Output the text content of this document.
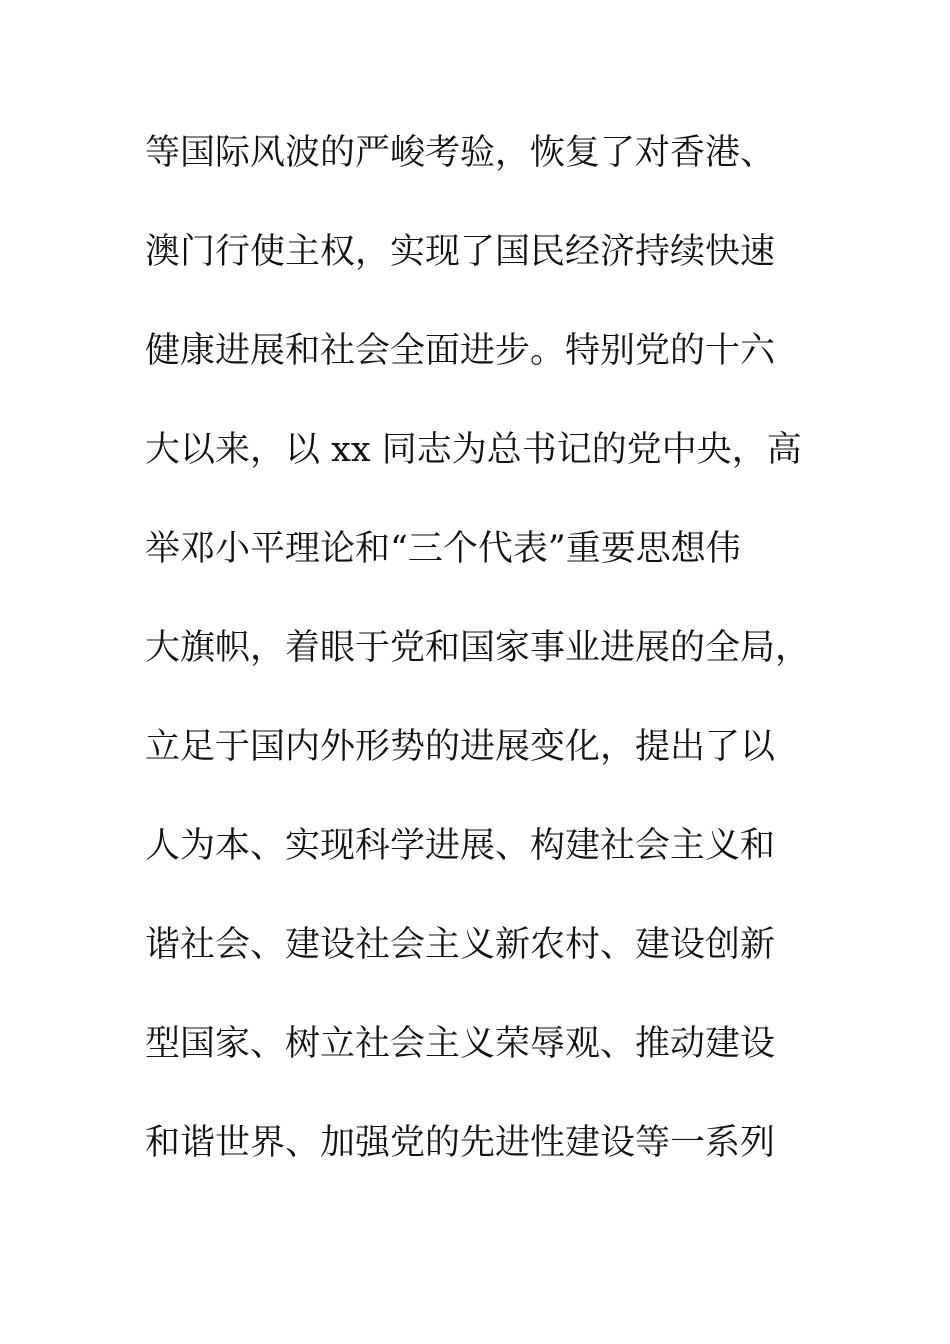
等国际风波的严峻考验，恢复了对香港、
澳门行使主权，实现了国民经济持续快速
健康进展和社会全面进步。特别党的十六
大以来，以 xx 同志为总书记的党中央，高
举邓小平理论和“三个代表”重要思想伟
大旗帜，着眼于党和国家事业进展的全局，
立足于国内外形势的进展变化，提出了以
人为本、实现科学进展、构建社会主义和
谐社会、建设社会主义新农村、建设创新
型国家、树立社会主义荣辱观、推动建设
和谐世界、加强党的先进性建设等一系列
